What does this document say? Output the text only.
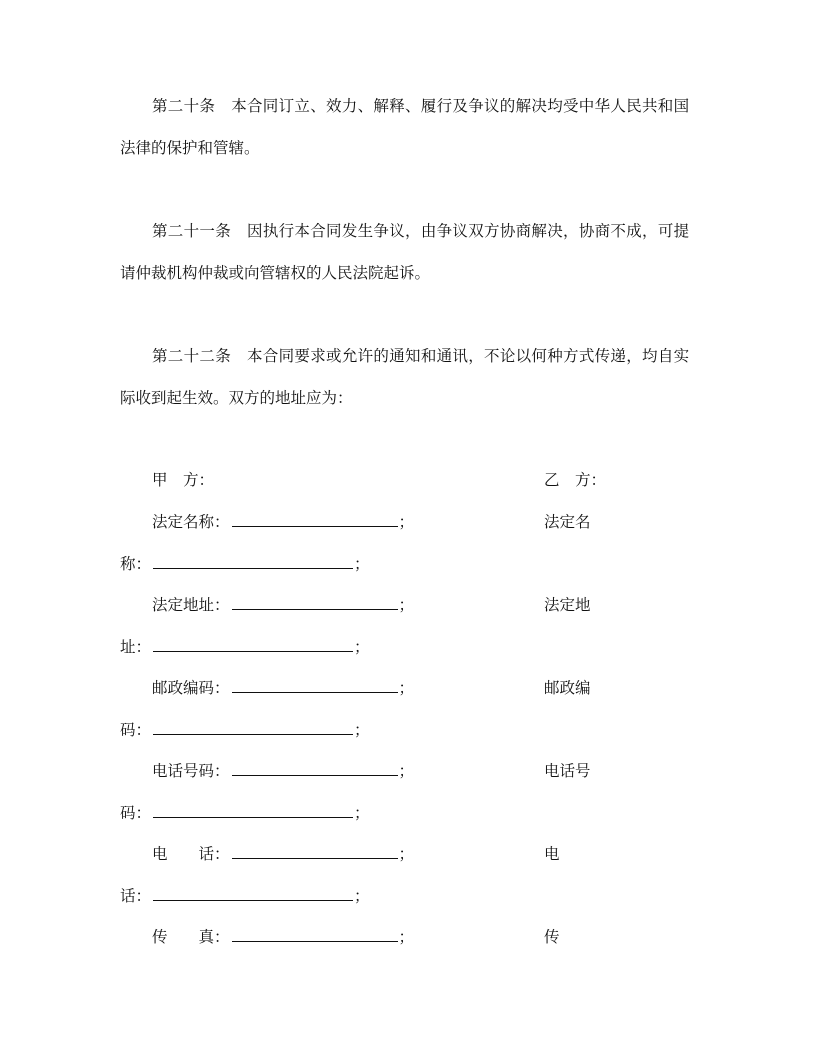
第二十条 本合同订立、效力、解释、履行及争议的解决均受中华人民共和国
法律的保护和管辖。
第二十一条 因执行本合同发生争议，由争议双方协商解决，协商不成，可提
请仲裁机构仲裁或向管辖权的人民法院起诉。
第二十二条 本合同要求或允许的通知和通讯，不论以何种方式传递，均自实
际收到起生效。双方的地址应为：
甲　方：	乙　方：
法定名称：	；	法定名
称：	；
法定地址：	；	法定地
址：	；
邮政编码：	；	邮政编
码：	；
电话号码：	；	电话号
码：	；
电　　话：	；	电
话：	；
传　　真：	；	传
